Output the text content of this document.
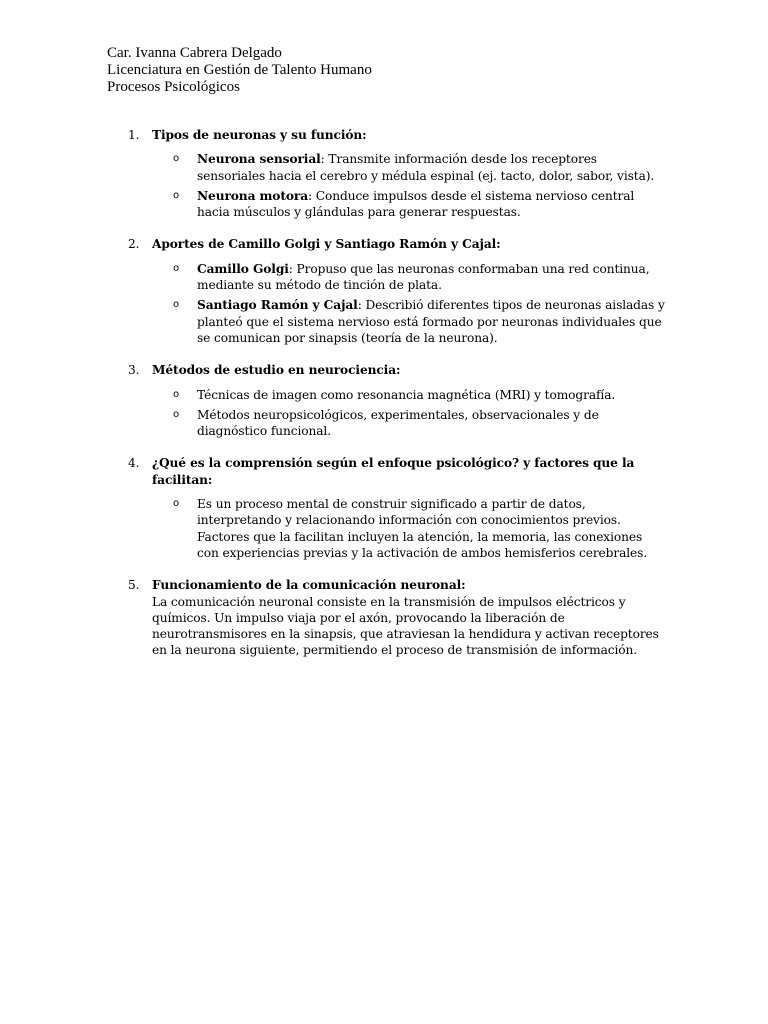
Car. Ivanna Cabrera Delgado
Licenciatura en Gestión de Talento Humano
Procesos Psicológicos
1.	Tipos de neuronas y su función:
o Neurona sensorial: Transmite información desde los receptores sensoriales hacia el cerebro y médula espinal (ej. tacto, dolor, sabor, vista).
o Neurona motora: Conduce impulsos desde el sistema nervioso central hacia músculos y glándulas para generar respuestas.
2.	Aportes de Camillo Golgi y Santiago Ramón y Cajal:
o Camillo Golgi: Propuso que las neuronas conformaban una red continua, mediante su método de tinción de plata.
o Santiago Ramón y Cajal: Describió diferentes tipos de neuronas aisladas y planteó que el sistema nervioso está formado por neuronas individuales que se comunican por sinapsis (teoría de la neurona).
3.	Métodos de estudio en neurociencia:
o Técnicas de imagen como resonancia magnética (MRI) y tomografía.
o Métodos neuropsicológicos, experimentales, observacionales y de diagnóstico funcional.
4.	¿Qué es la comprensión según el enfoque psicológico? y factores que la facilitan:
o Es un proceso mental de construir significado a partir de datos, interpretando y relacionando información con conocimientos previos. Factores que la facilitan incluyen la atención, la memoria, las conexiones con experiencias previas y la activación de ambos hemisferios cerebrales.
5.	Funcionamiento de la comunicación neuronal:
La comunicación neuronal consiste en la transmisión de impulsos eléctricos y químicos. Un impulso viaja por el axón, provocando la liberación de neurotransmisores en la sinapsis, que atraviesan la hendidura y activan receptores en la neurona siguiente, permitiendo el proceso de transmisión de información.
